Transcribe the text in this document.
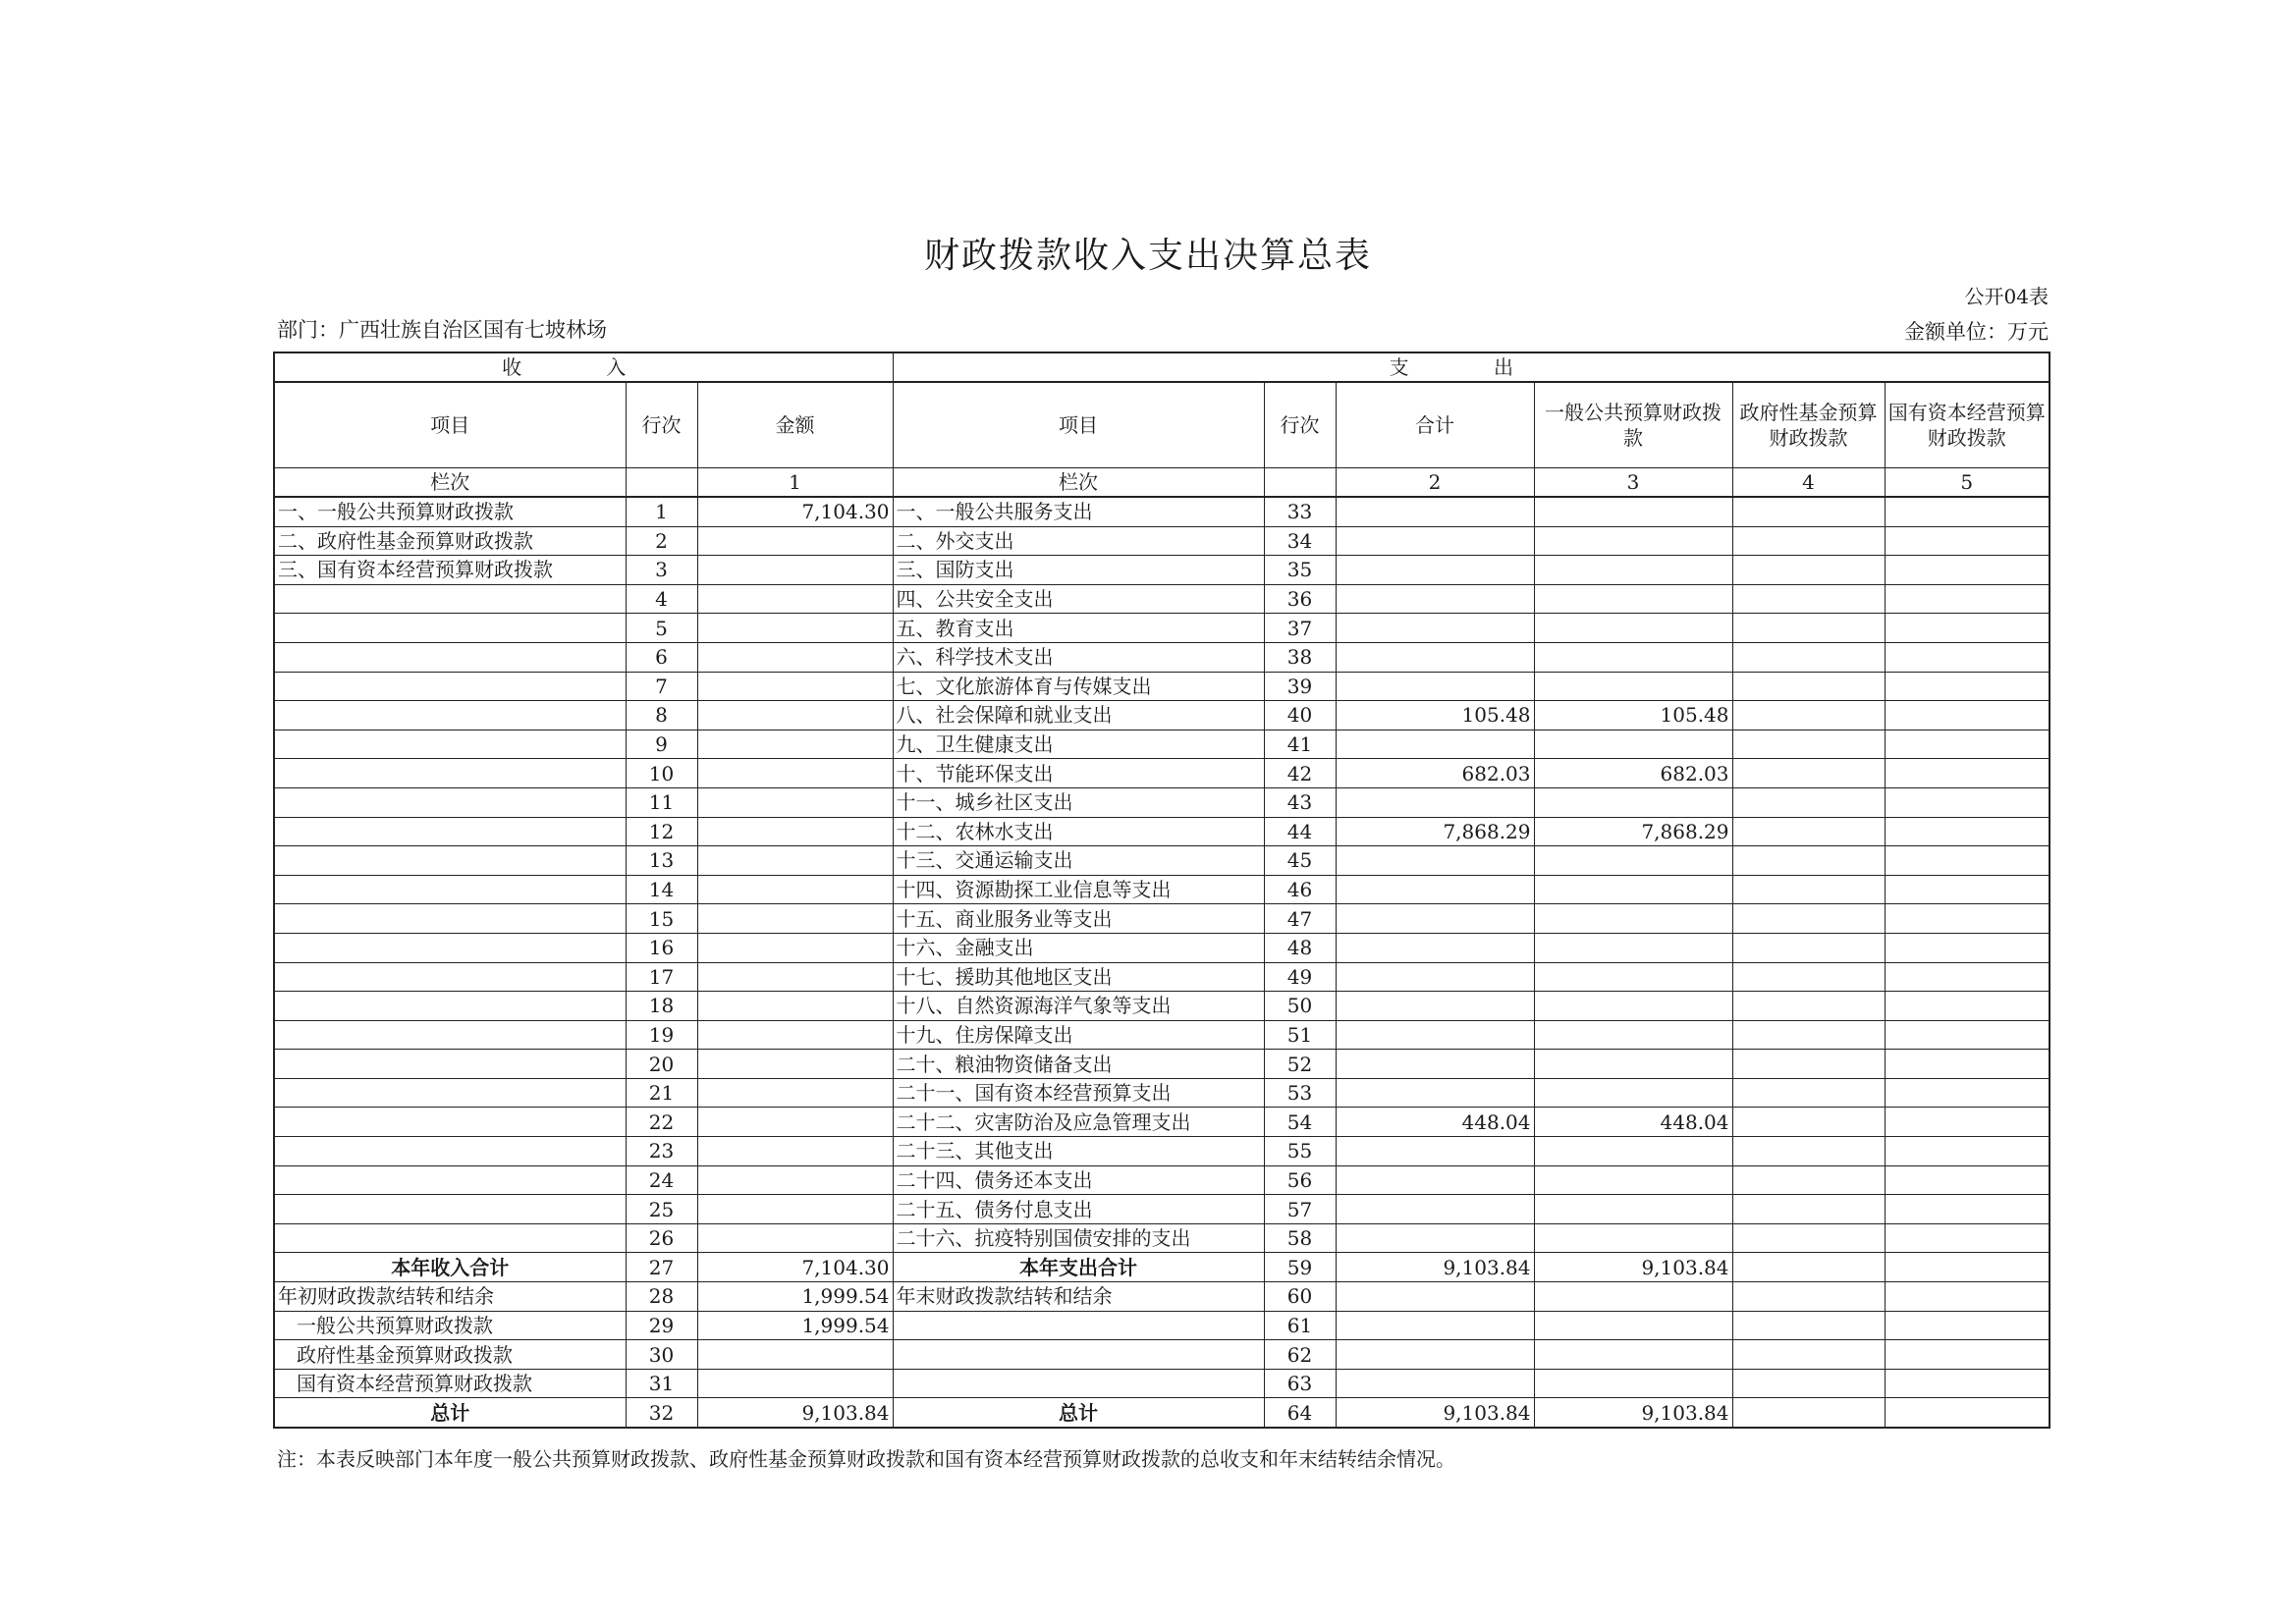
财政拨款收入支出决算总表
公开04表
部门：广西壮族自治区国有七坡林场	金额单位：万元
收 入			支 出					
项目	行次	金额	项目	行次	合计	一般公共预算财政拨款	政府性基金预算财政拨款	国有资本经营预算财政拨款
栏次		1	栏次		2	3	4	5
一、一般公共预算财政拨款	1	7,104.30	一、一般公共服务支出	33				
二、政府性基金预算财政拨款	2		二、外交支出	34				
三、国有资本经营预算财政拨款	3		三、国防支出	35				
	4		四、公共安全支出	36				
	5		五、教育支出	37				
	6		六、科学技术支出	38				
	7		七、文化旅游体育与传媒支出	39				
	8		八、社会保障和就业支出	40	105.48	105.48		
	9		九、卫生健康支出	41				
	10		十、节能环保支出	42	682.03	682.03		
	11		十一、城乡社区支出	43				
	12		十二、农林水支出	44	7,868.29	7,868.29		
	13		十三、交通运输支出	45				
	14		十四、资源勘探工业信息等支出	46				
	15		十五、商业服务业等支出	47				
	16		十六、金融支出	48				
	17		十七、援助其他地区支出	49				
	18		十八、自然资源海洋气象等支出	50				
	19		十九、住房保障支出	51				
	20		二十、粮油物资储备支出	52				
	21		二十一、国有资本经营预算支出	53				
	22		二十二、灾害防治及应急管理支出	54	448.04	448.04		
	23		二十三、其他支出	55				
	24		二十四、债务还本支出	56				
	25		二十五、债务付息支出	57				
	26		二十六、抗疫特别国债安排的支出	58				
本年收入合计	27	7,104.30	本年支出合计	59	9,103.84	9,103.84		
年初财政拨款结转和结余	28	1,999.54	年末财政拨款结转和结余	60				
一般公共预算财政拨款	29	1,999.54		61				
政府性基金预算财政拨款	30			62				
国有资本经营预算财政拨款	31			63				
总计	32	9,103.84	总计	64	9,103.84	9,103.84		
注：本表反映部门本年度一般公共预算财政拨款、政府性基金预算财政拨款和国有资本经营预算财政拨款的总收支和年末结转结余情况。
